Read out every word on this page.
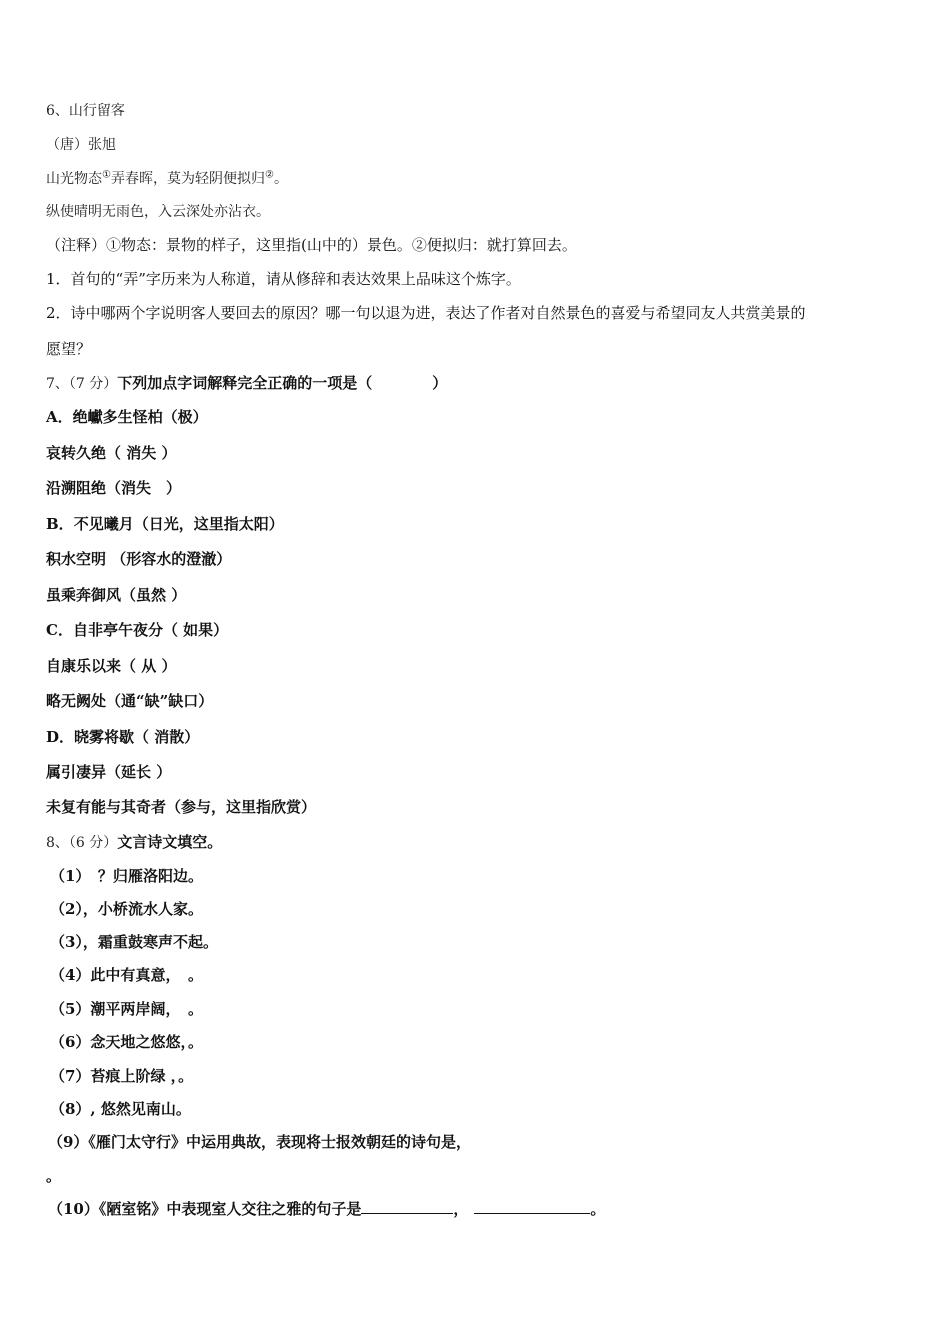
6、山行留客
（唐）张旭
山光物态①弄春晖，莫为轻阴便拟归②。
纵使晴明无雨色，入云深处亦沾衣。
（注释）①物态：景物的样子，这里指(山中的）景色。②便拟归：就打算回去。
1．首句的“弄”字历来为人称道，请从修辞和表达效果上品味这个炼字。
2．诗中哪两个字说明客人要回去的原因？哪一句以退为进，表达了作者对自然景色的喜爱与希望同友人共赏美景的
愿望？
7、（7 分）下列加点字词解释完全正确的一项是（	）
A．绝巘多生怪柏（极）
哀转久绝（ 消失 ）
沿溯阻绝（消失　）
B．不见曦月（日光，这里指太阳）
积水空明 （形容水的澄澈）
虽乘奔御风（虽然 ）
C．自非亭午夜分（ 如果）
自康乐以来（ 从 ）
略无阙处（通“缺”缺口）
D．晓雾将歇（ 消散）
属引凄异（延长 ）
未复有能与其奇者（参与，这里指欣赏）
8、（6 分）文言诗文填空。
（1）　？归雁洛阳边。
（2），小桥流水人家。
（3），霜重鼓寒声不起。
（4）此中有真意，　。
（5）潮平两岸阔，　。
（6）念天地之悠悠，。
（7）苔痕上阶绿 ，。
（8）, 悠然见南山。
（9）《雁门太守行》中运用典故，表现将士报效朝廷的诗句是，
。
（10）《陋室铭》中表现室人交往之雅的句子是	，	。
